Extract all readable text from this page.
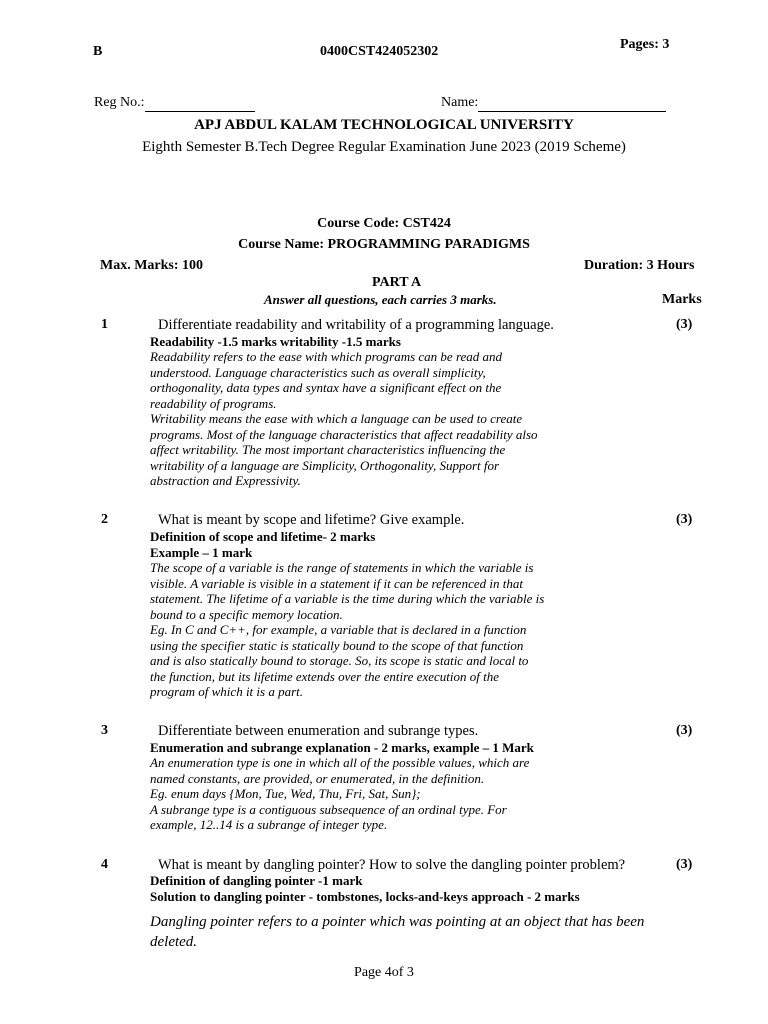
B	0400CST424052302	Pages: 3
Reg No.:	Name:
APJ ABDUL KALAM TECHNOLOGICAL UNIVERSITY
Eighth Semester B.Tech Degree Regular Examination June 2023 (2019 Scheme)
Course Code: CST424
Course Name: PROGRAMMING PARADIGMS
Max. Marks: 100	Duration: 3 Hours
PART A
Answer all questions, each carries 3 marks.	Marks
1	Differentiate readability and writability of a programming language.	(3)
Readability -1.5 marks writability -1.5 marks
Readability refers to the ease with which programs can be read and
understood. Language characteristics such as overall simplicity,
orthogonality, data types and syntax have a significant effect on the
readability of programs.
Writability means the ease with which a language can be used to create
programs. Most of the language characteristics that affect readability also
affect writability. The most important characteristics influencing the
writability of a language are Simplicity, Orthogonality, Support for
abstraction and Expressivity.
2	What is meant by scope and lifetime? Give example.	(3)
Definition of scope and lifetime- 2 marks
Example – 1 mark
The scope of a variable is the range of statements in which the variable is
visible. A variable is visible in a statement if it can be referenced in that
statement. The lifetime of a variable is the time during which the variable is
bound to a specific memory location.
Eg. In C and C++, for example, a variable that is declared in a function
using the specifier static is statically bound to the scope of that function
and is also statically bound to storage. So, its scope is static and local to
the function, but its lifetime extends over the entire execution of the
program of which it is a part.
3	Differentiate between enumeration and subrange types.	(3)
Enumeration and subrange explanation - 2 marks, example – 1 Mark
An enumeration type is one in which all of the possible values, which are
named constants, are provided, or enumerated, in the definition.
Eg. enum days {Mon, Tue, Wed, Thu, Fri, Sat, Sun};
A subrange type is a contiguous subsequence of an ordinal type. For
example, 12..14 is a subrange of integer type.
4	What is meant by dangling pointer? How to solve the dangling pointer problem?	(3)
Definition of dangling pointer -1 mark
Solution to dangling pointer - tombstones, locks-and-keys approach - 2 marks
Dangling pointer refers to a pointer which was pointing at an object that has been
deleted.
Page 4of 3
